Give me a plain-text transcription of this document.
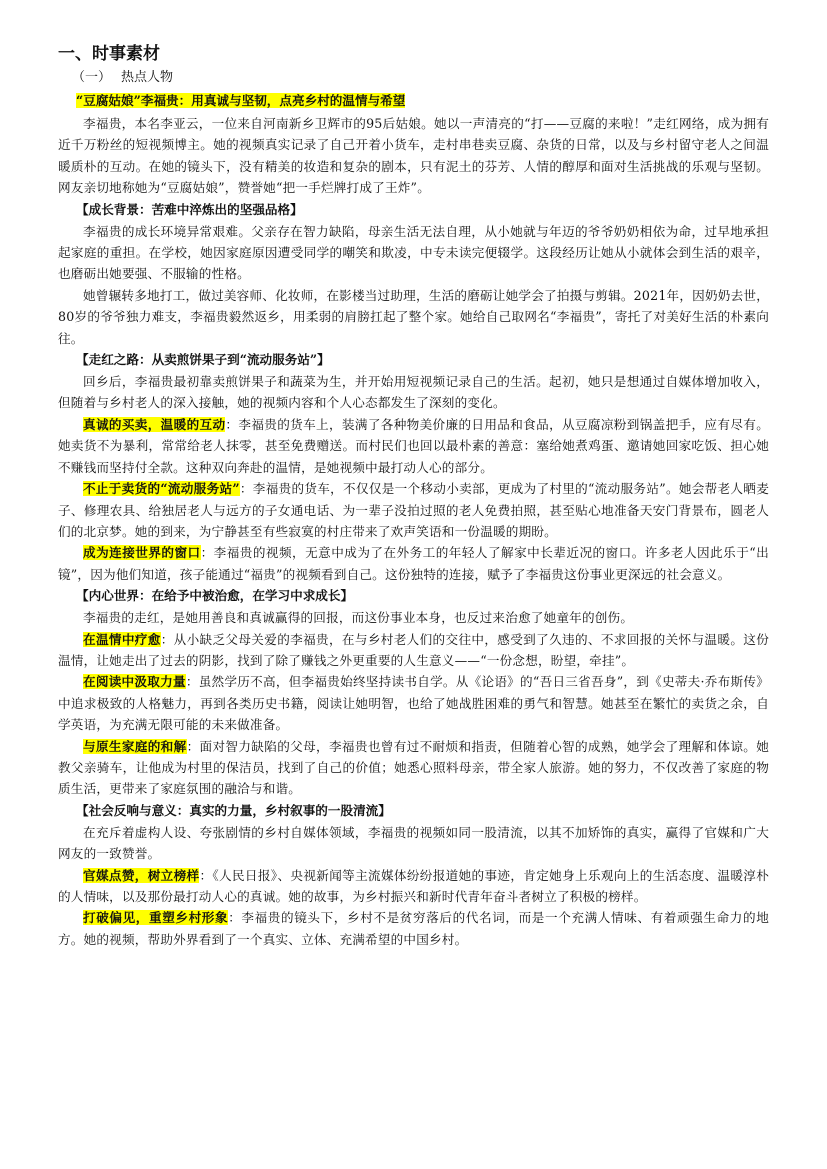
一、时事素材
（一） 热点人物
“豆腐姑娘”李福贵：用真诚与坚韧，点亮乡村的温情与希望

李福贵，本名李亚云，一位来自河南新乡卫辉市的95后姑娘。她以一声清亮的“打——豆腐的来啦！”走红网络，成为拥有近千万粉丝的短视频博主。她的视频真实记录了自己开着小货车，走村串巷卖豆腐、杂货的日常，以及与乡村留守老人之间温暖质朴的互动。在她的镜头下，没有精美的妆造和复杂的剧本，只有泥土的芬芳、人情的醇厚和面对生活挑战的乐观与坚韧。网友亲切地称她为“豆腐姑娘”，赞誉她“把一手烂牌打成了王炸”。

【成长背景：苦难中淬炼出的坚强品格】

李福贵的成长环境异常艰难。父亲存在智力缺陷，母亲生活无法自理，从小她就与年迈的爷爷奶奶相依为命，过早地承担起家庭的重担。在学校，她因家庭原因遭受同学的嘲笑和欺凌，中专未读完便辍学。这段经历让她从小就体会到生活的艰辛，也磨砺出她要强、不服输的性格。

她曾辗转多地打工，做过美容师、化妆师，在影楼当过助理，生活的磨砺让她学会了拍摄与剪辑。2021年，因奶奶去世，80岁的爷爷独力难支，李福贵毅然返乡，用柔弱的肩膀扛起了整个家。她给自己取网名“李福贵”，寄托了对美好生活的朴素向往。

【走红之路：从卖煎饼果子到“流动服务站”】

回乡后，李福贵最初靠卖煎饼果子和蔬菜为生，并开始用短视频记录自己的生活。起初，她只是想通过自媒体增加收入，但随着与乡村老人的深入接触，她的视频内容和个人心态都发生了深刻的变化。

真诚的买卖，温暖的互动：李福贵的货车上，装满了各种物美价廉的日用品和食品，从豆腐凉粉到锅盖把手，应有尽有。她卖货不为暴利，常常给老人抹零，甚至免费赠送。而村民们也回以最朴素的善意：塞给她煮鸡蛋、邀请她回家吃饭、担心她不赚钱而坚持付全款。这种双向奔赴的温情，是她视频中最打动人心的部分。

不止于卖货的“流动服务站”：李福贵的货车，不仅仅是一个移动小卖部，更成为了村里的“流动服务站”。她会帮老人晒麦子、修理农具、给独居老人与远方的子女通电话、为一辈子没拍过照的老人免费拍照，甚至贴心地准备天安门背景布，圆老人们的北京梦。她的到来，为宁静甚至有些寂寞的村庄带来了欢声笑语和一份温暖的期盼。

成为连接世界的窗口：李福贵的视频，无意中成为了在外务工的年轻人了解家中长辈近况的窗口。许多老人因此乐于“出镜”，因为他们知道，孩子能通过“福贵”的视频看到自己。这份独特的连接，赋予了李福贵这份事业更深远的社会意义。

【内心世界：在给予中被治愈，在学习中求成长】

李福贵的走红，是她用善良和真诚赢得的回报，而这份事业本身，也反过来治愈了她童年的创伤。

在温情中疗愈：从小缺乏父母关爱的李福贵，在与乡村老人们的交往中，感受到了久违的、不求回报的关怀与温暖。这份温情，让她走出了过去的阴影，找到了除了赚钱之外更重要的人生意义——“一份念想，盼望，牵挂”。

在阅读中汲取力量：虽然学历不高，但李福贵始终坚持读书自学。从《论语》的“吾日三省吾身”，到《史蒂夫·乔布斯传》中追求极致的人格魅力，再到各类历史书籍，阅读让她明智，也给了她战胜困难的勇气和智慧。她甚至在繁忙的卖货之余，自学英语，为充满无限可能的未来做准备。

与原生家庭的和解：面对智力缺陷的父母，李福贵也曾有过不耐烦和指责，但随着心智的成熟，她学会了理解和体谅。她教父亲骑车，让他成为村里的保洁员，找到了自己的价值；她悉心照料母亲，带全家人旅游。她的努力，不仅改善了家庭的物质生活，更带来了家庭氛围的融洽与和谐。

【社会反响与意义：真实的力量，乡村叙事的一股清流】

在充斥着虚构人设、夸张剧情的乡村自媒体领域，李福贵的视频如同一股清流，以其不加矫饰的真实，赢得了官媒和广大网友的一致赞誉。

官媒点赞，树立榜样：《人民日报》、央视新闻等主流媒体纷纷报道她的事迹，肯定她身上乐观向上的生活态度、温暖淳朴的人情味，以及那份最打动人心的真诚。她的故事，为乡村振兴和新时代青年奋斗者树立了积极的榜样。

打破偏见，重塑乡村形象：李福贵的镜头下，乡村不是贫穷落后的代名词，而是一个充满人情味、有着顽强生命力的地方。她的视频，帮助外界看到了一个真实、立体、充满希望的中国乡村。
